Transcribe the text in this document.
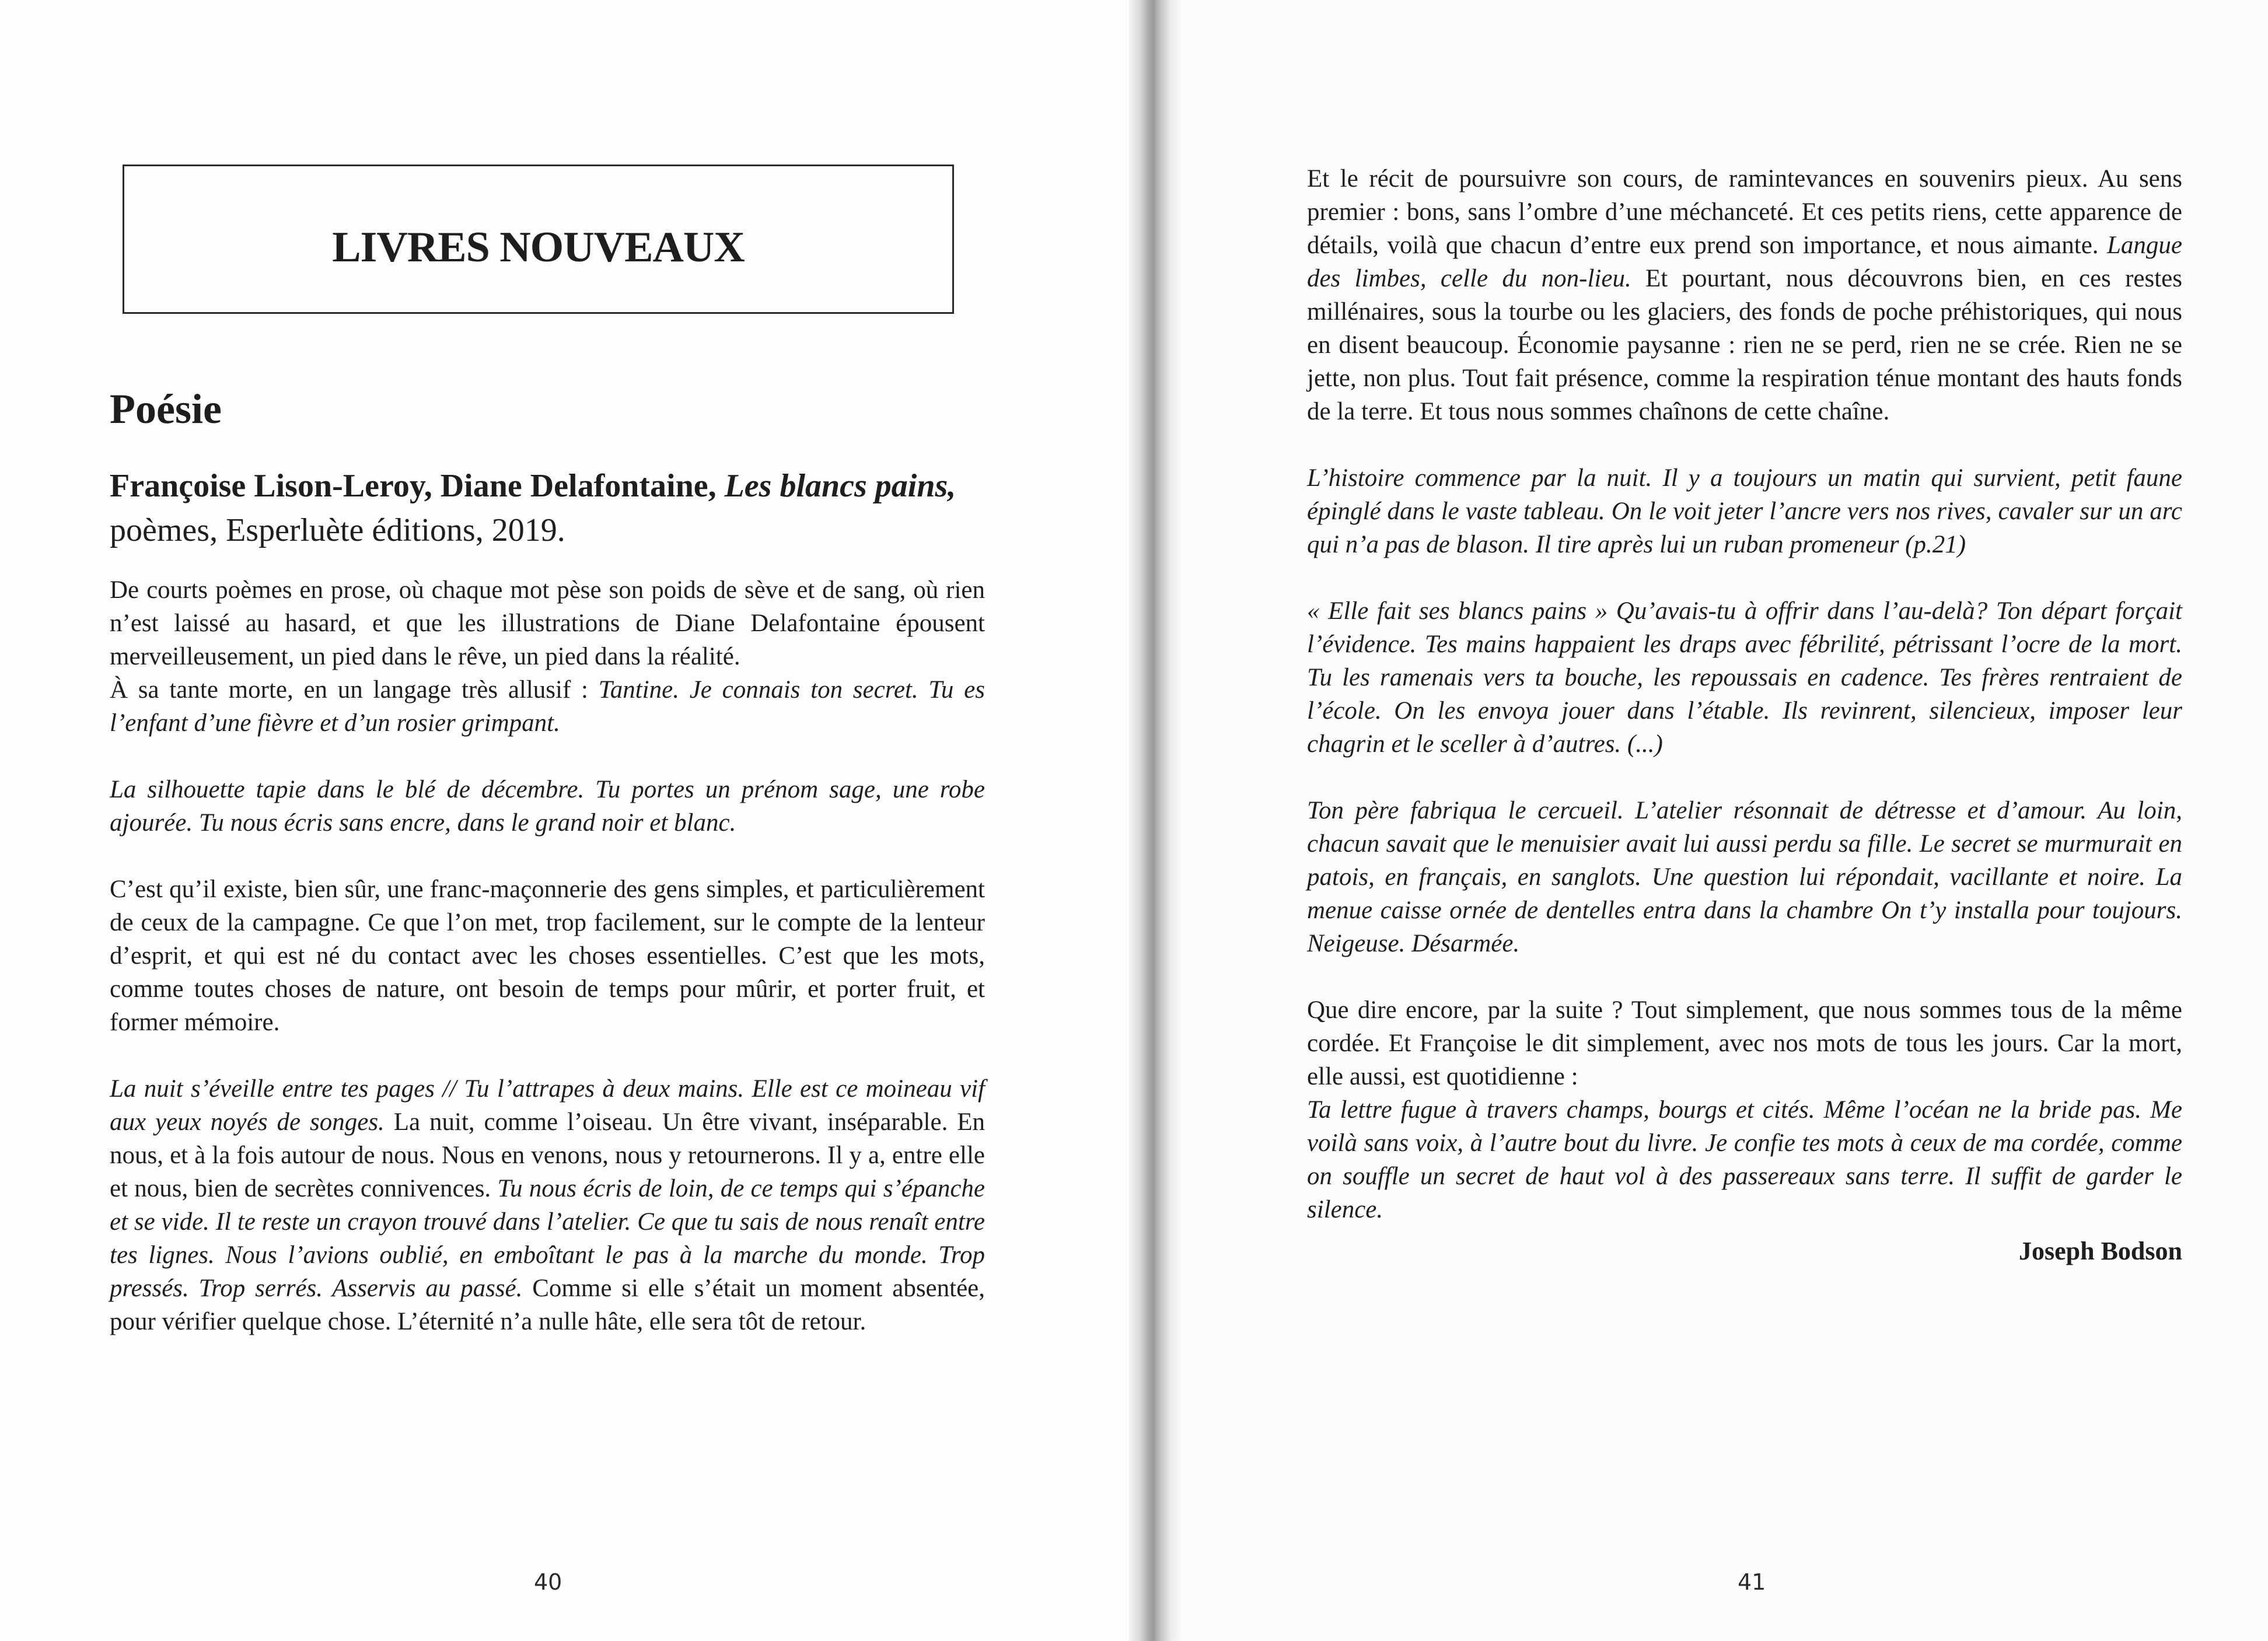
LIVRES NOUVEAUX
Poésie

Françoise Lison-Leroy, Diane Delafontaine, Les blancs pains, poèmes, Esperluète éditions, 2019.

De courts poèmes en prose, où chaque mot pèse son poids de sève et de sang, où rien n’est laissé au hasard, et que les illustrations de Diane Delafontaine épousent merveilleusement, un pied dans le rêve, un pied dans la réalité.

À sa tante morte, en un langage très allusif : Tantine. Je connais ton secret. Tu es l’enfant d’une fièvre et d’un rosier grimpant.

La silhouette tapie dans le blé de décembre. Tu portes un prénom sage, une robe ajourée. Tu nous écris sans encre, dans le grand noir et blanc.

C’est qu’il existe, bien sûr, une franc-maçonnerie des gens simples, et particulièrement de ceux de la campagne. Ce que l’on met, trop facilement, sur le compte de la lenteur d’esprit, et qui est né du contact avec les choses essentielles. C’est que les mots, comme toutes choses de nature, ont besoin de temps pour mûrir, et porter fruit, et former mémoire.

La nuit s’éveille entre tes pages // Tu l’attrapes à deux mains. Elle est ce moineau vif aux yeux noyés de songes. La nuit, comme l’oiseau. Un être vivant, inséparable. En nous, et à la fois autour de nous. Nous en venons, nous y retournerons. Il y a, entre elle et nous, bien de secrètes connivences. Tu nous écris de loin, de ce temps qui s’épanche et se vide. Il te reste un crayon trouvé dans l’atelier. Ce que tu sais de nous renaît entre tes lignes. Nous l’avions oublié, en emboîtant le pas à la marche du monde. Trop pressés. Trop serrés. Asservis au passé. Comme si elle s’était un moment absentée, pour vérifier quelque chose. L’éternité n’a nulle hâte, elle sera tôt de retour.

40

Et le récit de poursuivre son cours, de ramintevances en souvenirs pieux. Au sens premier : bons, sans l’ombre d’une méchanceté. Et ces petits riens, cette apparence de détails, voilà que chacun d’entre eux prend son importance, et nous aimante. Langue des limbes, celle du non-lieu. Et pourtant, nous découvrons bien, en ces restes millénaires, sous la tourbe ou les glaciers, des fonds de poche préhistoriques, qui nous en disent beaucoup. Économie paysanne : rien ne se perd, rien ne se crée. Rien ne se jette, non plus. Tout fait présence, comme la respiration ténue montant des hauts fonds de la terre. Et tous nous sommes chaînons de cette chaîne.

L’histoire commence par la nuit. Il y a toujours un matin qui survient, petit faune épinglé dans le vaste tableau. On le voit jeter l’ancre vers nos rives, cavaler sur un arc qui n’a pas de blason. Il tire après lui un ruban promeneur (p.21)

« Elle fait ses blancs pains » Qu’avais-tu à offrir dans l’au-delà? Ton départ forçait l’évidence. Tes mains happaient les draps avec fébrilité, pétrissant l’ocre de la mort. Tu les ramenais vers ta bouche, les repoussais en cadence. Tes frères rentraient de l’école. On les envoya jouer dans l’étable. Ils revinrent, silencieux, imposer leur chagrin et le sceller à d’autres. (...)

Ton père fabriqua le cercueil. L’atelier résonnait de détresse et d’amour. Au loin, chacun savait que le menuisier avait lui aussi perdu sa fille. Le secret se murmurait en patois, en français, en sanglots. Une question lui répondait, vacillante et noire. La menue caisse ornée de dentelles entra dans la chambre On t’y installa pour toujours. Neigeuse. Désarmée.

Que dire encore, par la suite ? Tout simplement, que nous sommes tous de la même cordée. Et Françoise le dit simplement, avec nos mots de tous les jours. Car la mort, elle aussi, est quotidienne :

Ta lettre fugue à travers champs, bourgs et cités. Même l’océan ne la bride pas. Me voilà sans voix, à l’autre bout du livre. Je confie tes mots à ceux de ma cordée, comme on souffle un secret de haut vol à des passereaux sans terre. Il suffit de garder le silence.

Joseph Bodson
41
